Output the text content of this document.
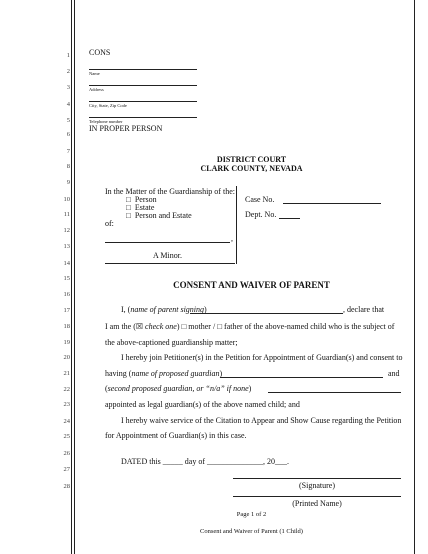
1
2
3
4
5
6
7
8
9
10
11
12
13
14
15
16
17
18
19
20
21
22
23
24
25
26
27
28
CONS
Name
Address
City, State, Zip Code
Telephone number
IN PROPER PERSON
DISTRICT COURT
CLARK COUNTY, NEVADA
In the Matter of the Guardianship of the:
□ Person
□ Estate
□ Person and Estate
of:
,
A Minor.
Case No.
Dept. No.
CONSENT AND WAIVER OF PARENT
I, (name of parent signing)	, declare that
I am the (☒ check one) □ mother / □ father of the above-named child who is the subject of
the above-captioned guardianship matter;
I hereby join Petitioner(s) in the Petition for Appointment of Guardian(s) and consent to
having (name of proposed guardian)	and
(second proposed guardian, or “n/a” if none)
appointed as legal guardian(s) of the above named child; and
I hereby waive service of the Citation to Appear and Show Cause regarding the Petition
for Appointment of Guardian(s) in this case.
DATED this _____ day of ______________, 20___.
(Signature)
(Printed Name)
Page 1 of 2
Consent and Waiver of Parent (1 Child)
